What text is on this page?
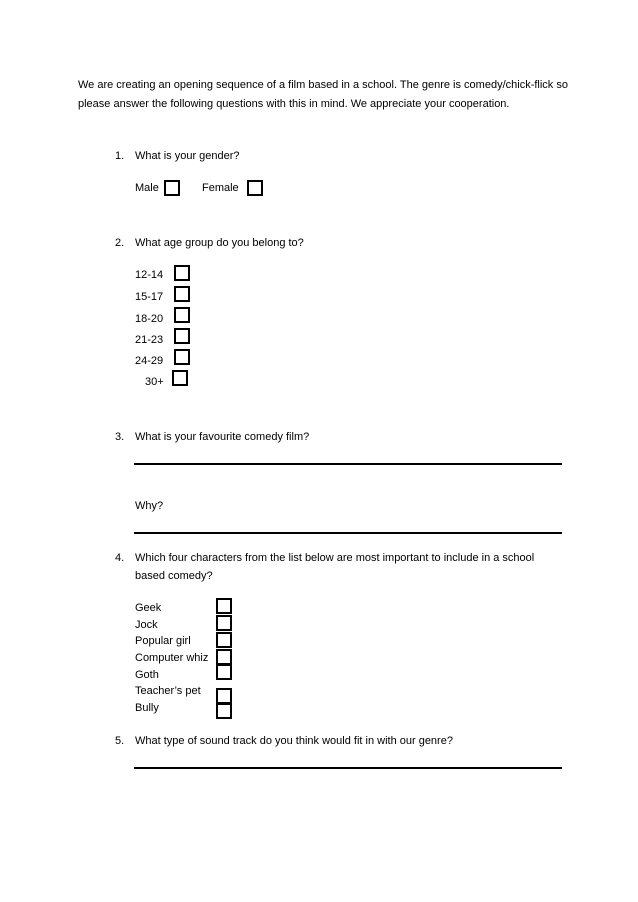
We are creating an opening sequence of a film based in a school. The genre is comedy/chick-flick so please answer the following questions with this in mind. We appreciate your cooperation.
1. What is your gender?
Male	Female
2. What age group do you belong to?
12-14
15-17
18-20
21-23
24-29
30+
3. What is your favourite comedy film?
Why?
4. Which four characters from the list below are most important to include in a school
based comedy?
Geek
Jock
Popular girl
Computer whiz
Goth
Teacher’s pet
Bully
5. What type of sound track do you think would fit in with our genre?
